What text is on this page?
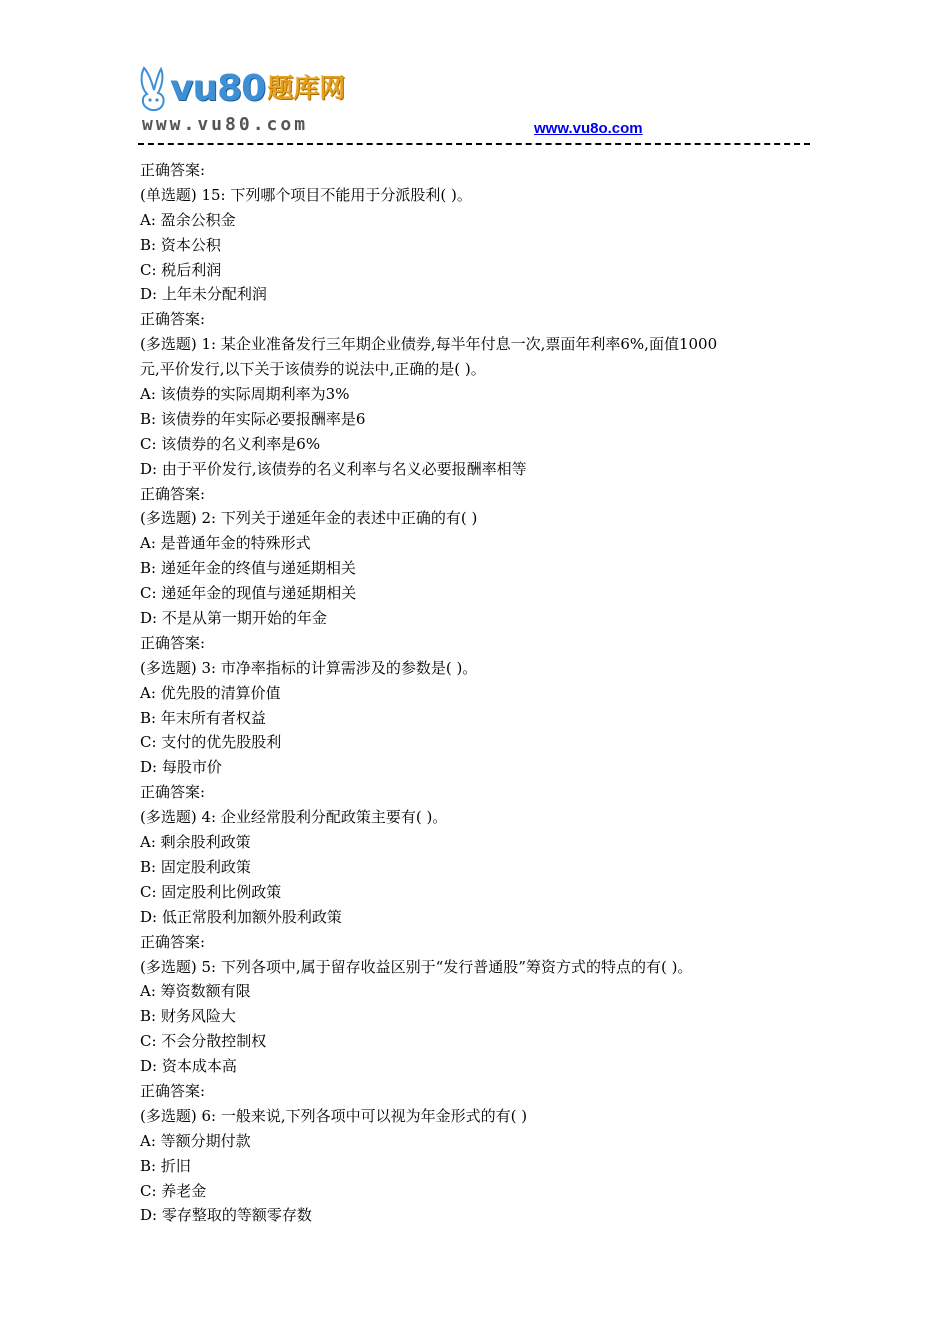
vu80 题库网
www.vu80.com	www.vu8o.com
正确答案:
(单选题) 15: 下列哪个项目不能用于分派股利( )。
A: 盈余公积金
B: 资本公积
C: 税后利润
D: 上年未分配利润
正确答案:
(多选题) 1: 某企业准备发行三年期企业债券,每半年付息一次,票面年利率6%,面值1000
元,平价发行,以下关于该债券的说法中,正确的是( )。
A: 该债券的实际周期利率为3%
B: 该债券的年实际必要报酬率是6
C: 该债券的名义利率是6%
D: 由于平价发行,该债券的名义利率与名义必要报酬率相等
正确答案:
(多选题) 2: 下列关于递延年金的表述中正确的有( )
A: 是普通年金的特殊形式
B: 递延年金的终值与递延期相关
C: 递延年金的现值与递延期相关
D: 不是从第一期开始的年金
正确答案:
(多选题) 3: 市净率指标的计算需涉及的参数是( )。
A: 优先股的清算价值
B: 年末所有者权益
C: 支付的优先股股利
D: 每股市价
正确答案:
(多选题) 4: 企业经常股利分配政策主要有( )。
A: 剩余股利政策
B: 固定股利政策
C: 固定股利比例政策
D: 低正常股利加额外股利政策
正确答案:
(多选题) 5: 下列各项中,属于留存收益区别于“发行普通股”筹资方式的特点的有( )。
A: 筹资数额有限
B: 财务风险大
C: 不会分散控制权
D: 资本成本高
正确答案:
(多选题) 6: 一般来说,下列各项中可以视为年金形式的有( )
A: 等额分期付款
B: 折旧
C: 养老金
D: 零存整取的等额零存数
